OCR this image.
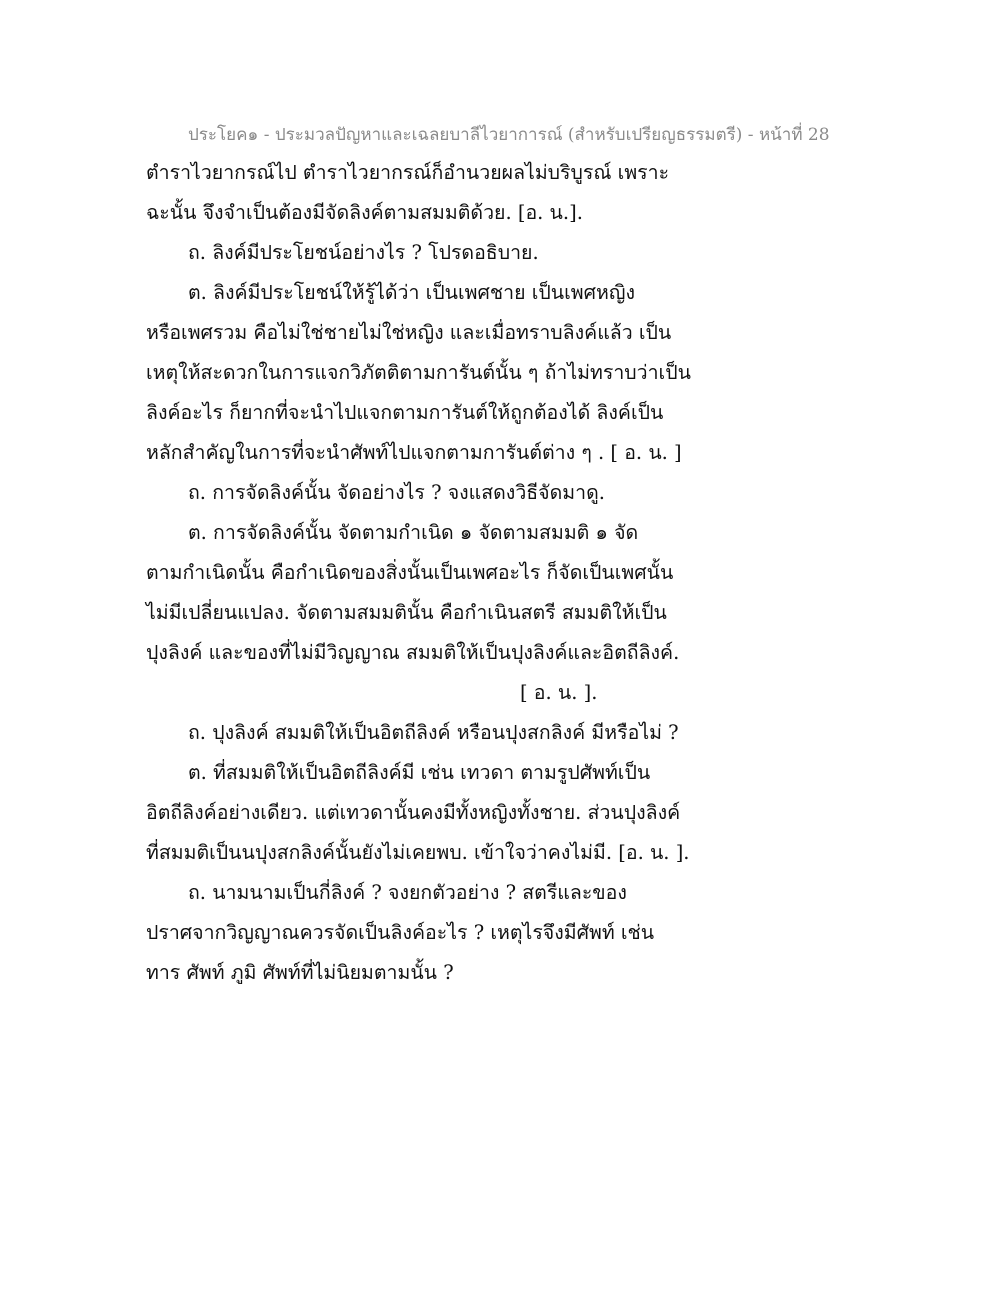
ประโยค๑ - ประมวลปัญหาและเฉลยบาลีไวยาการณ์ (สำหรับเปรียญธรรมตรี) - หน้าที่ 28
ตำราไวยากรณ์ไป ตำราไวยากรณ์ก็อำนวยผลไม่บริบูรณ์ เพราะ
ฉะนั้น จึงจำเป็นต้องมีจัดลิงค์ตามสมมติด้วย. [อ. น.].
ถ. ลิงค์มีประโยชน์อย่างไร ? โปรดอธิบาย.
ต. ลิงค์มีประโยชน์ให้รู้ได้ว่า เป็นเพศชาย เป็นเพศหญิง
หรือเพศรวม คือไม่ใช่ชายไม่ใช่หญิง และเมื่อทราบลิงค์แล้ว เป็น
เหตุให้สะดวกในการแจกวิภัตติตามการันต์นั้น ๆ ถ้าไม่ทราบว่าเป็น
ลิงค์อะไร ก็ยากที่จะนำไปแจกตามการันต์ให้ถูกต้องได้ ลิงค์เป็น
หลักสำคัญในการที่จะนำศัพท์ไปแจกตามการันต์ต่าง ๆ . [ อ. น. ]
ถ. การจัดลิงค์นั้น จัดอย่างไร ? จงแสดงวิธีจัดมาดู.
ต. การจัดลิงค์นั้น จัดตามกำเนิด ๑ จัดตามสมมติ ๑ จัด
ตามกำเนิดนั้น คือกำเนิดของสิ่งนั้นเป็นเพศอะไร ก็จัดเป็นเพศนั้น
ไม่มีเปลี่ยนแปลง. จัดตามสมมตินั้น คือกำเนินสตรี สมมติให้เป็น
ปุงลิงค์ และของที่ไม่มีวิญญาณ สมมติให้เป็นปุงลิงค์และอิตถีลิงค์.
[ อ. น. ].
ถ. ปุงลิงค์ สมมติให้เป็นอิตถีลิงค์ หรือนปุงสกลิงค์ มีหรือไม่ ?
ต. ที่สมมติให้เป็นอิตถีลิงค์มี เช่น เทวดา ตามรูปศัพท์เป็น
อิตถีลิงค์อย่างเดียว. แต่เทวดานั้นคงมีทั้งหญิงทั้งชาย. ส่วนปุงลิงค์
ที่สมมติเป็นนปุงสกลิงค์นั้นยังไม่เคยพบ. เข้าใจว่าคงไม่มี. [อ. น. ].
ถ. นามนามเป็นกี่ลิงค์ ? จงยกตัวอย่าง ? สตรีและของ
ปราศจากวิญญาณควรจัดเป็นลิงค์อะไร ? เหตุไรจึงมีศัพท์ เช่น
ทาร ศัพท์ ภูมิ ศัพท์ที่ไม่นิยมตามนั้น ?
